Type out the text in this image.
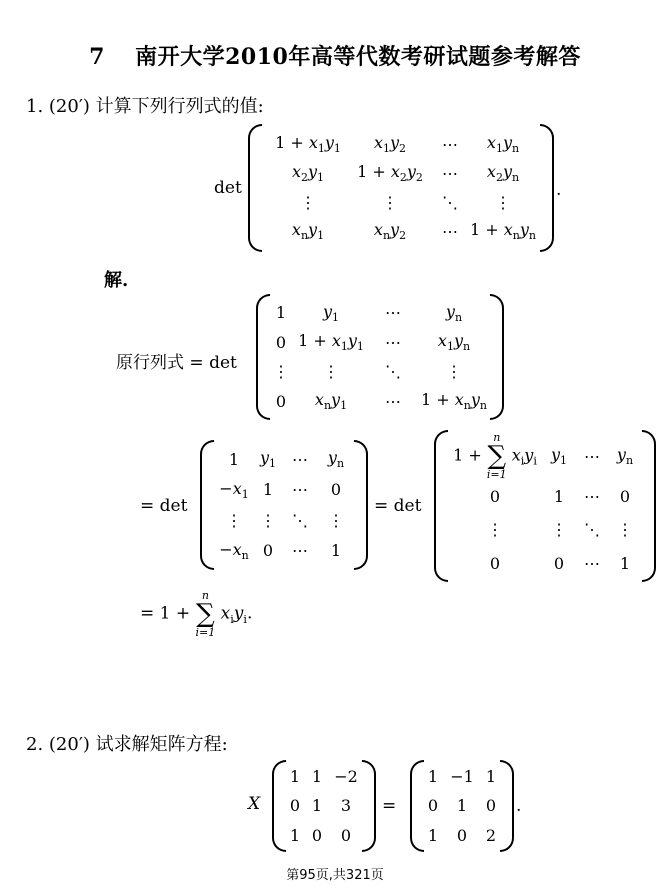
7 南开大学2010年高等代数考研试题参考解答
1. (20′) 计算下列行列式的值:
det
$1 + x_1y_1$ $x_1y_2$ ⋯ $x_1y_n$
$x_2y_1$ $1 + x_2y_2$ ⋯ $x_2y_n$
⋮	⋮	⋱ ⋮
$x_ny_1$	$x_ny_2$ ⋯ $1 + x_ny_n$
.
解.
原行列式 = det
1 $y_1$	⋯	$y_n$
0 $1 + x_1y_1$ ⋯ $x_1y_n$
⋮ ⋮	⋱	⋮
0 $x_ny_1$ ⋯ $1 + x_ny_n$
= det
1 $y_1$ ⋯ $y_n$
$-x_1$ 1 ⋯ 0
⋮ ⋮ ⋱ ⋮
$-x_n$ 0 ⋯ 1
= det
1 +
n
∑
i=1
$x_iy_i$ $y_1$ ⋯ $y_n$
0	1 ⋯ 0
⋮	⋮ ⋱ ⋮
0	0 ⋯ 1
= 1 +
n
∑
i=1
$x_iy_i$.
2. (20′) 试求解矩阵方程:
X
1 1 −2
0 1 3
1 0 0
=
1 −1 1
0 1 0
1 0 2
.
第95页,共321页
